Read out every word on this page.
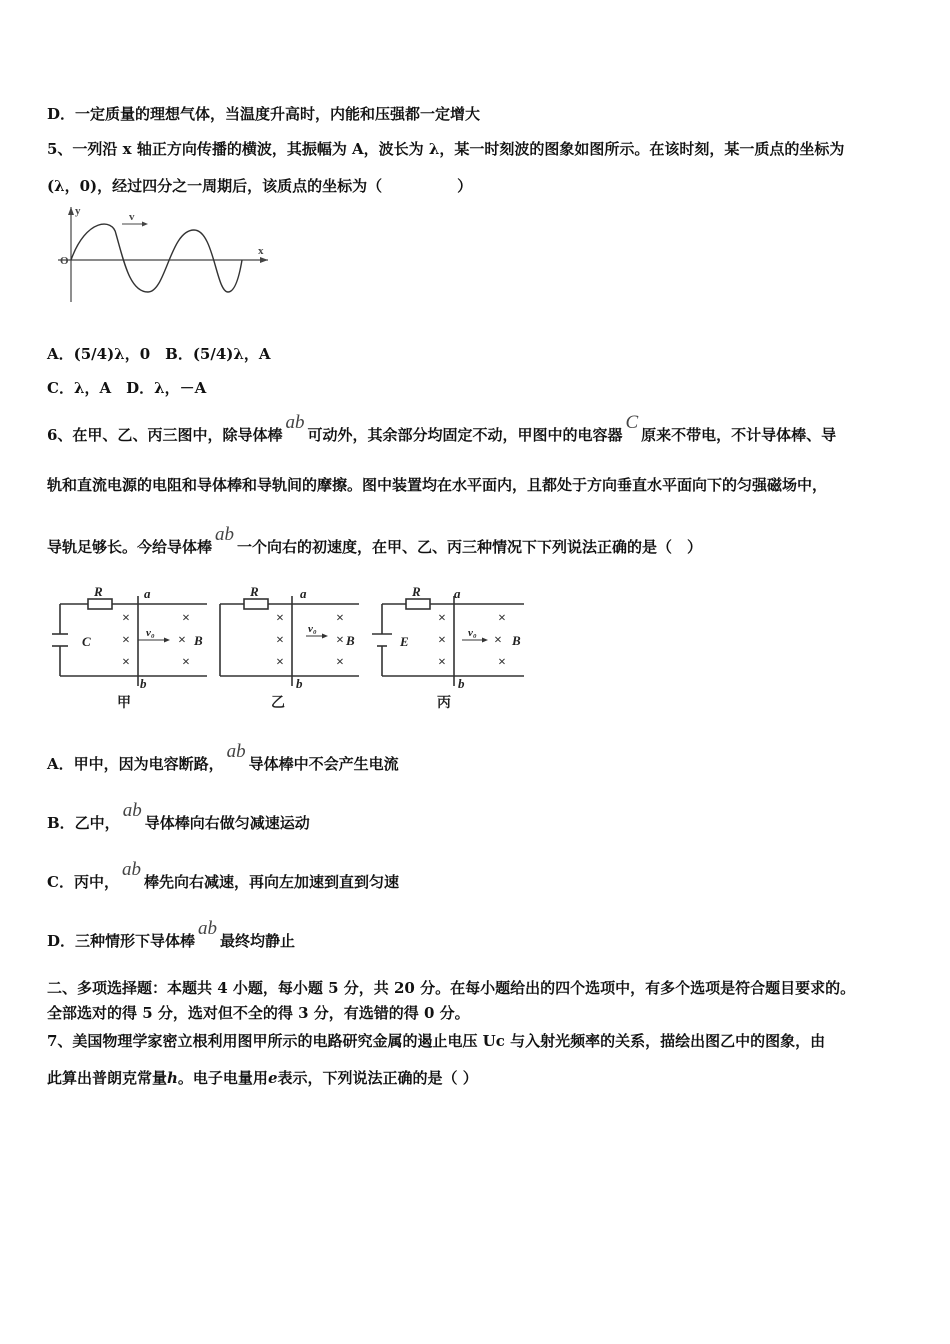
D．一定质量的理想气体，当温度升高时，内能和压强都一定增大
5、一列沿 x 轴正方向传播的横波，其振幅为 A，波长为 λ，某一时刻波的图象如图所示。在该时刻，某一质点的坐标为
(λ，0)，经过四分之一周期后，该质点的坐标为（　　　　　）
y
x
O
v
A．(5/4)λ，0　B．(5/4)λ，A
C．λ，A　D．λ，－A
6、在甲、乙、丙三图中，除导体棒ab可动外，其余部分均固定不动，甲图中的电容器C原来不带电，不计导体棒、导
轨和直流电源的电阻和导体棒和导轨间的摩擦。图中装置均在水平面内，且都处于方向垂直水平面向下的匀强磁场中，
导轨足够长。今给导体棒ab一个向右的初速度，在甲、乙、丙三种情况下下列说法正确的是（　）
×
×
×
×
×
×
R
C
a
b
v₀	B
甲
×
×
×
×
×
×
R	a
b
v₀
B
乙
×
×
×
×
×
×
R
E
a
b
v₀	B
丙
A．甲中，因为电容断路，ab导体棒中不会产生电流
B．乙中，ab导体棒向右做匀减速运动
C．丙中，ab棒先向右减速，再向左加速到直到匀速
D．三种情形下导体棒ab最终均静止
二、多项选择题：本题共 4 小题，每小题 5 分，共 20 分。在每小题给出的四个选项中，有多个选项是符合题目要求的。
全部选对的得 5 分，选对但不全的得 3 分，有选错的得 0 分。
7、美国物理学家密立根利用图甲所示的电路研究金属的遏止电压 Uc 与入射光频率的关系，描绘出图乙中的图象，由
此算出普朗克常量h。电子电量用e表示，下列说法正确的是（ ）
